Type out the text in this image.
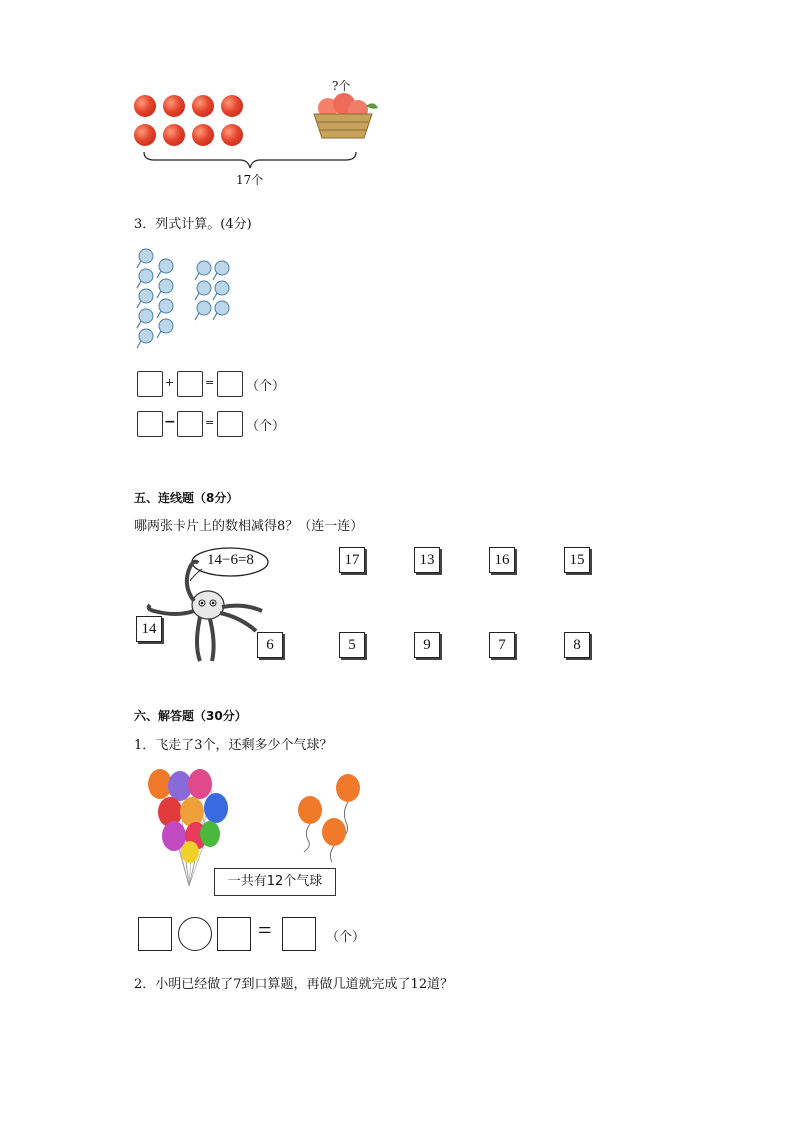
?个
17个
3．列式计算。(4分)
+	= （个）
−	= （个）
五、连线题（8分）
哪两张卡片上的数相减得8？（连一连）
14−6=8
14
6
17	13	16	15
5	9	7	8
六、解答题（30分）
1．飞走了3个，还剩多少个气球？
一共有12个气球
=	（个）
2．小明已经做了7到口算题，再做几道就完成了12道？
